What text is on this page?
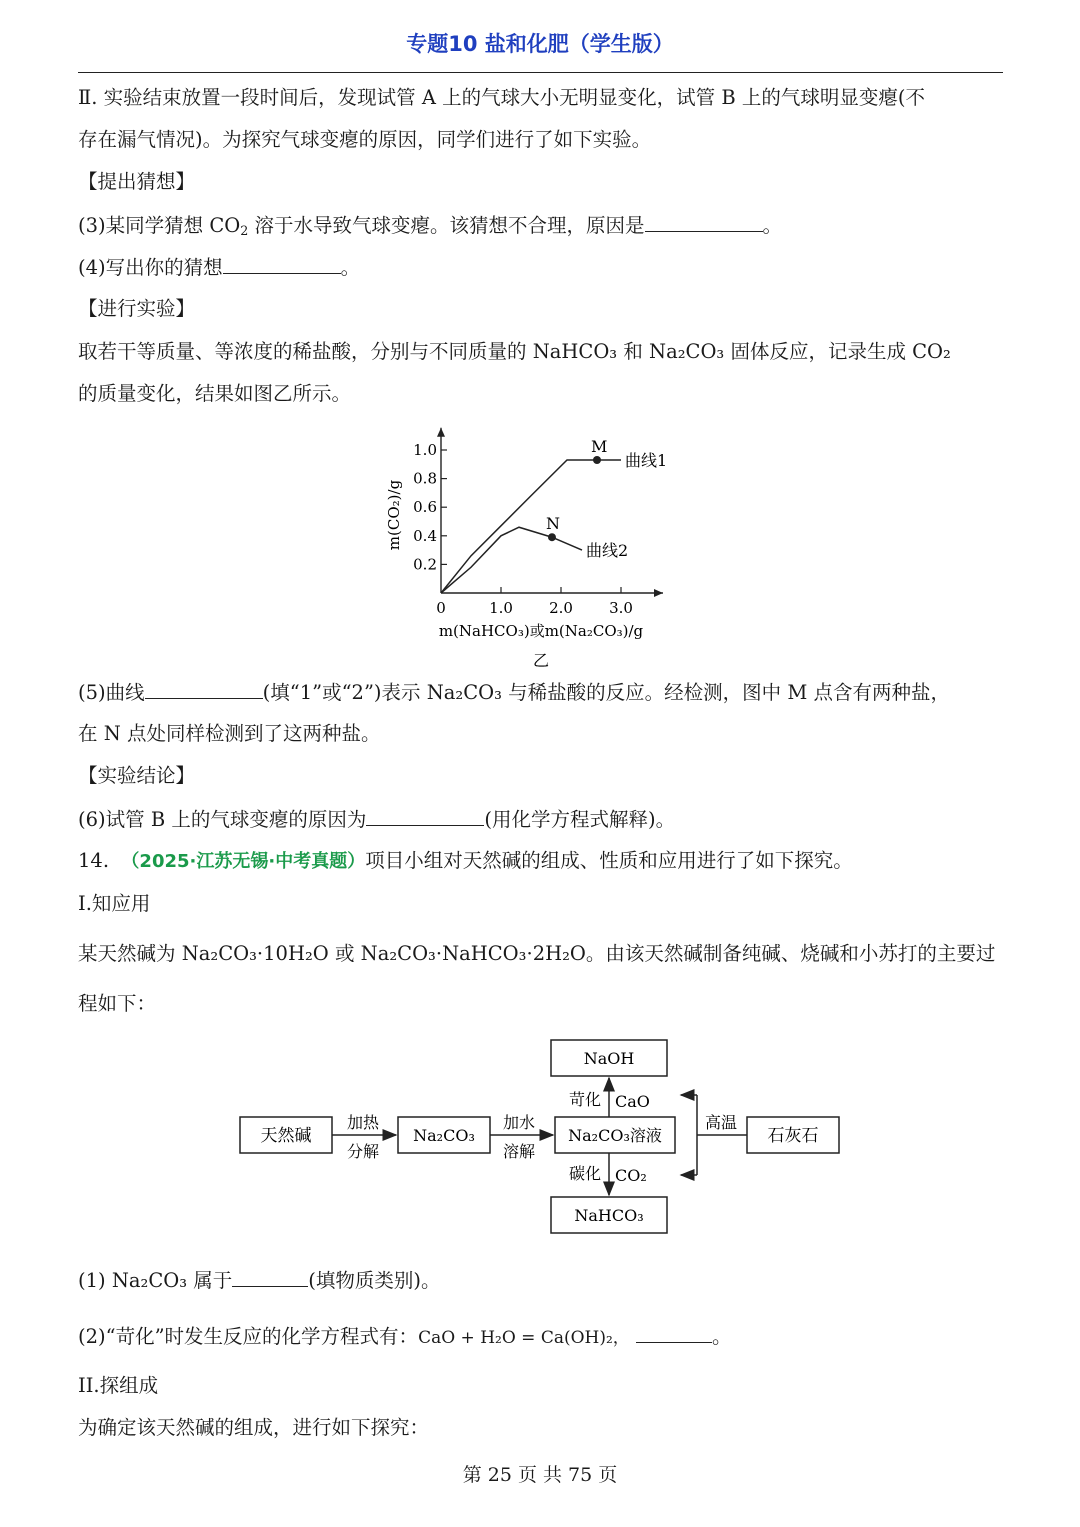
专题10 盐和化肥（学生版）
Ⅱ. 实验结束放置一段时间后，发现试管 A 上的气球大小无明显变化，试管 B 上的气球明显变瘪(不
存在漏气情况)。为探究气球变瘪的原因，同学们进行了如下实验。
【提出猜想】
(3)某同学猜想 $CO_2$ 溶于水导致气球变瘪。该猜想不合理，原因是	。
(4)写出你的猜想	。
【进行实验】
取若干等质量、等浓度的稀盐酸，分别与不同质量的 NaHCO₃ 和 Na₂CO₃ 固体反应，记录生成 CO₂
的质量变化，结果如图乙所示。
0.2
0.4
0.6
0.8
1.0
0	1.0 2.0 3.0
m(CO₂)/g
m(NaHCO₃)或m(Na₂CO₃)/g
乙
M
曲线1
N
曲线2
(5)曲线	(填“1”或“2”)表示 Na₂CO₃ 与稀盐酸的反应。经检测，图中 M 点含有两种盐，
在 N 点处同样检测到了这两种盐。
【实验结论】
(6)试管 B 上的气球变瘪的原因为	(用化学方程式解释)。
14. （2025·江苏无锡·中考真题）项目小组对天然碱的组成、性质和应用进行了如下探究。
I.知应用
某天然碱为 Na₂CO₃·10H₂O 或 Na₂CO₃·NaHCO₃·2H₂O。由该天然碱制备纯碱、烧碱和小苏打的主要过
程如下：
天然碱	Na₂CO₃	Na₂CO₃溶液
NaOH
NaHCO₃
石灰石
加热
分解
加水
溶解
苛化 CaO
碳化 CO₂
高温
(1) Na₂CO₃ 属于	(填物质类别)。
(2)“苛化”时发生反应的化学方程式有：CaO + H₂O = Ca(OH)₂，	。
II.探组成
为确定该天然碱的组成，进行如下探究：
第 25 页 共 75 页
